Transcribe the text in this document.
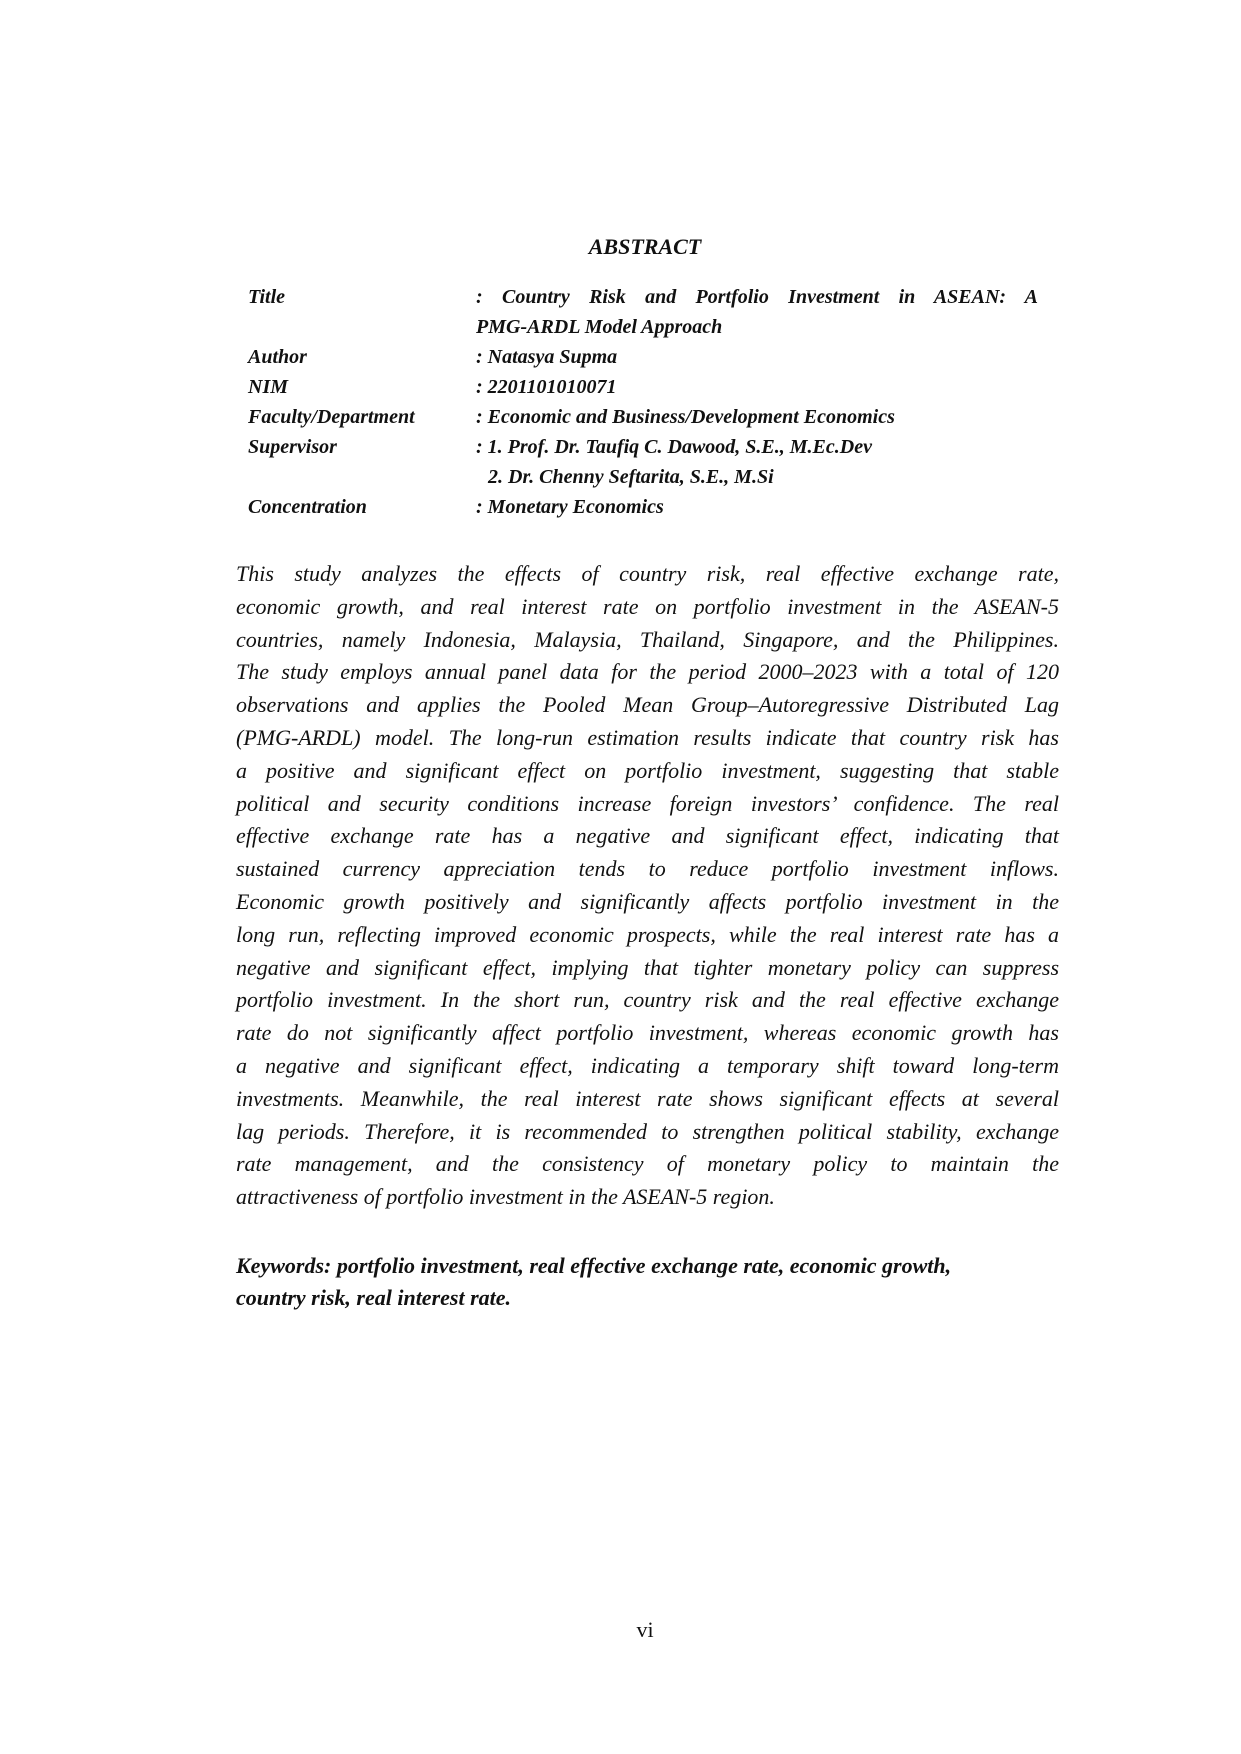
ABSTRACT
Title	: Country Risk and Portfolio Investment in ASEAN: A
PMG-ARDL Model Approach
Author	: Natasya Supma
NIM	: 2201101010071
Faculty/Department	: Economic and Business/Development Economics
Supervisor	: 1. Prof. Dr. Taufiq C. Dawood, S.E., M.Ec.Dev
2. Dr. Chenny Seftarita, S.E., M.Si
Concentration	: Monetary Economics
This study analyzes the effects of country risk, real effective exchange rate,
economic growth, and real interest rate on portfolio investment in the ASEAN-5
countries, namely Indonesia, Malaysia, Thailand, Singapore, and the Philippines.
The study employs annual panel data for the period 2000–2023 with a total of 120
observations and applies the Pooled Mean Group–Autoregressive Distributed Lag
(PMG-ARDL) model. The long-run estimation results indicate that country risk has
a positive and significant effect on portfolio investment, suggesting that stable
political and security conditions increase foreign investors’ confidence. The real
effective exchange rate has a negative and significant effect, indicating that
sustained currency appreciation tends to reduce portfolio investment inflows.
Economic growth positively and significantly affects portfolio investment in the
long run, reflecting improved economic prospects, while the real interest rate has a
negative and significant effect, implying that tighter monetary policy can suppress
portfolio investment. In the short run, country risk and the real effective exchange
rate do not significantly affect portfolio investment, whereas economic growth has
a negative and significant effect, indicating a temporary shift toward long-term
investments. Meanwhile, the real interest rate shows significant effects at several
lag periods. Therefore, it is recommended to strengthen political stability, exchange
rate management, and the consistency of monetary policy to maintain the
attractiveness of portfolio investment in the ASEAN-5 region.
Keywords: portfolio investment, real effective exchange rate, economic growth,
country risk, real interest rate.
vi
